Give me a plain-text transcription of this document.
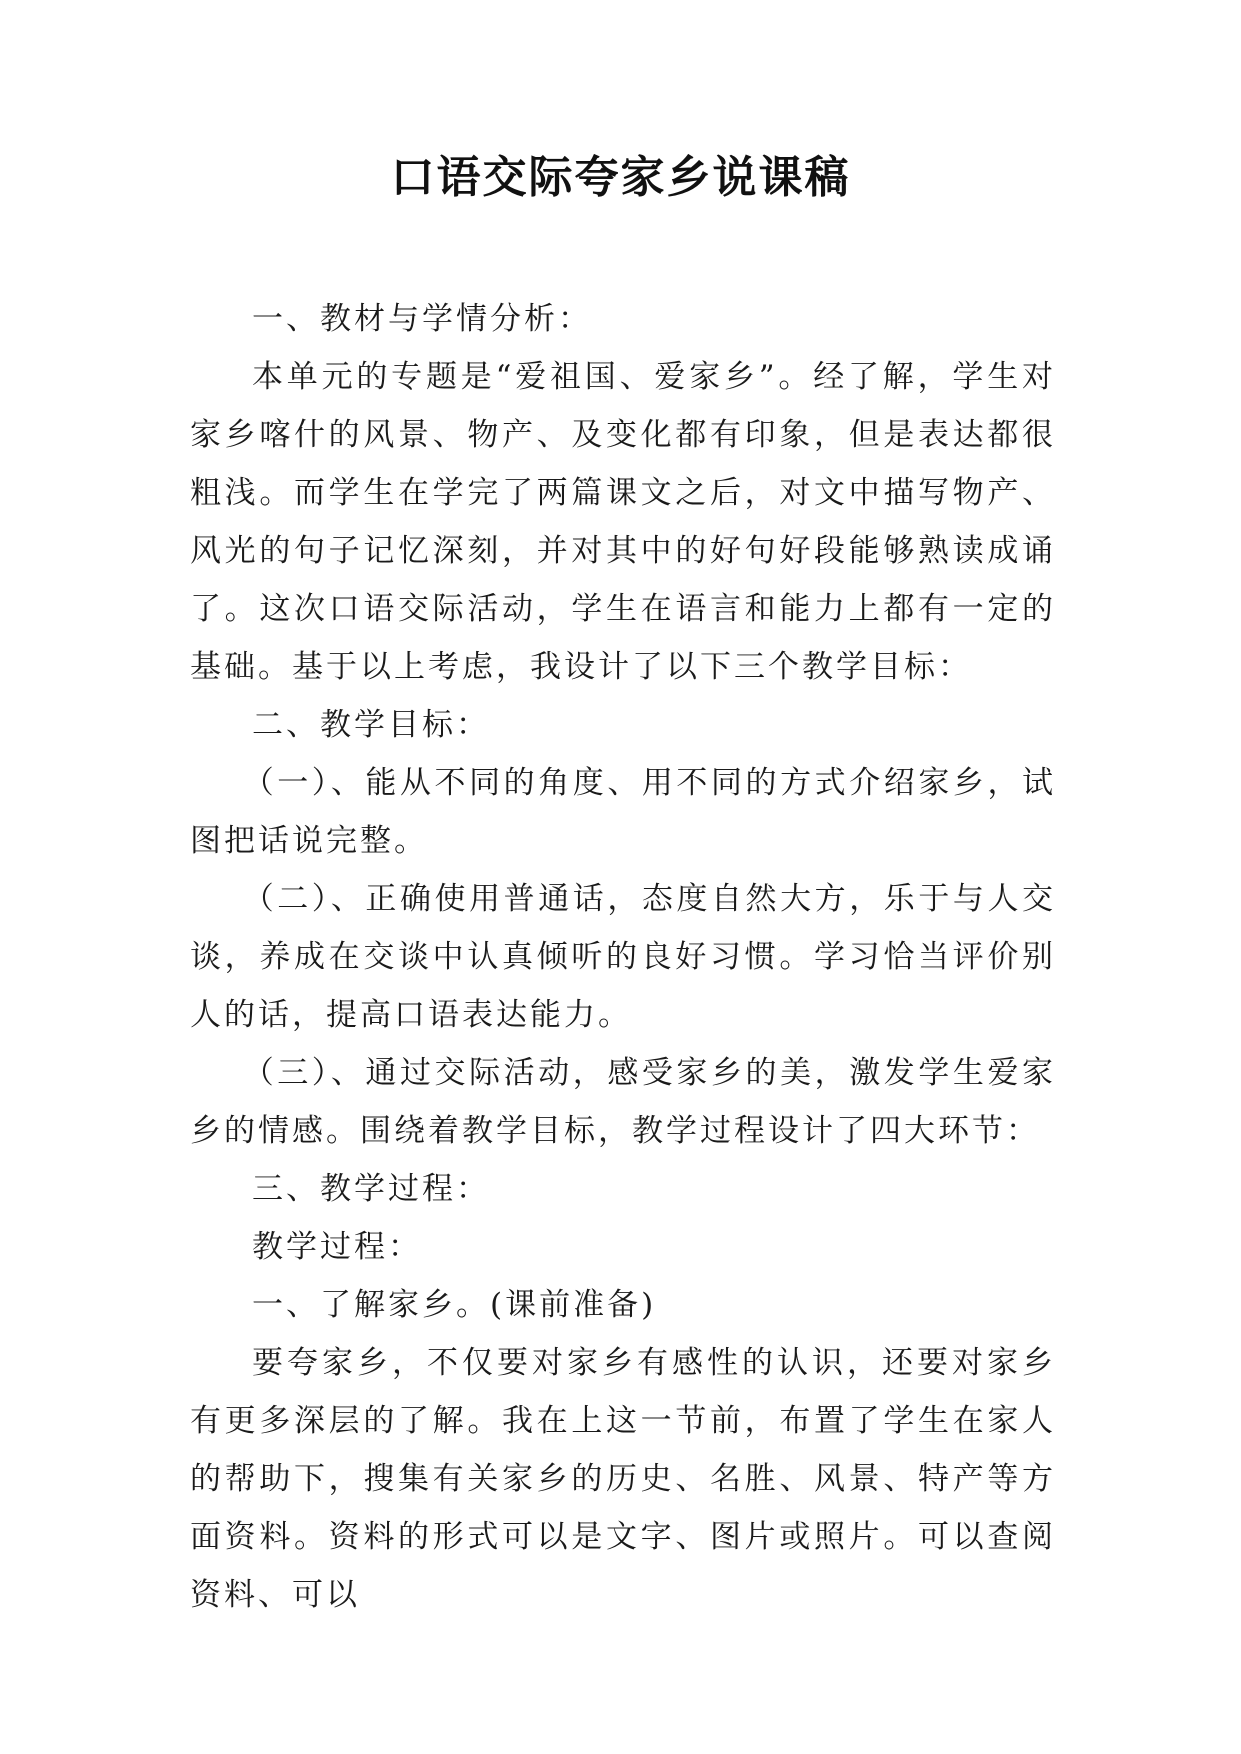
口语交际夸家乡说课稿

一、教材与学情分析：

本单元的专题是“爱祖国、爱家乡”。经了解，学生对家乡喀什的风景、物产、及变化都有印象，但是表达都很粗浅。而学生在学完了两篇课文之后，对文中描写物产、风光的句子记忆深刻，并对其中的好句好段能够熟读成诵了。这次口语交际活动，学生在语言和能力上都有一定的基础。基于以上考虑，我设计了以下三个教学目标：

二、教学目标：

（一）、能从不同的角度、用不同的方式介绍家乡，试图把话说完整。

（二）、正确使用普通话，态度自然大方，乐于与人交谈，养成在交谈中认真倾听的良好习惯。学习恰当评价别人的话，提高口语表达能力。

（三）、通过交际活动，感受家乡的美，激发学生爱家乡的情感。围绕着教学目标，教学过程设计了四大环节：

三、教学过程：

教学过程：

一、了解家乡。(课前准备)

要夸家乡，不仅要对家乡有感性的认识，还要对家乡有更多深层的了解。我在上这一节前，布置了学生在家人的帮助下，搜集有关家乡的历史、名胜、风景、特产等方面资料。资料的形式可以是文字、图片或照片。可以查阅资料、可以
